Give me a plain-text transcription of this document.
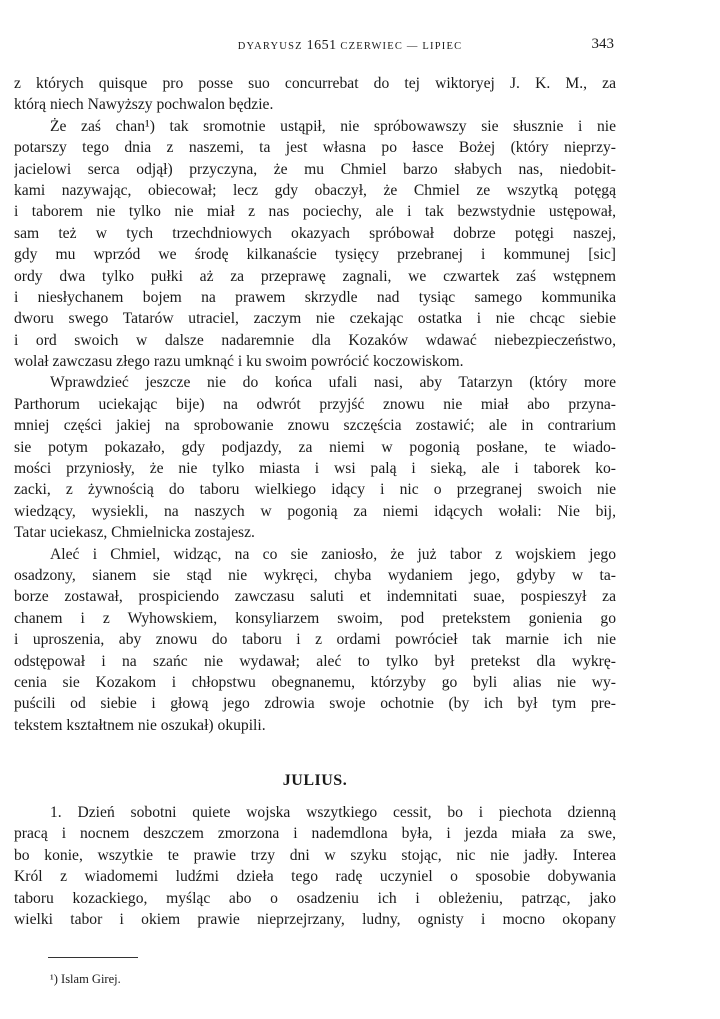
DYARYUSZ 1651 CZERWIEC — LIPIEC	343
z których quisque pro posse suo concurrebat do tej wiktoryej J. K. M., za
którą niech Nawyższy pochwalon będzie.
Że zaś chan¹) tak sromotnie ustąpił, nie spróbowawszy sie słusznie i nie
potarszy tego dnia z naszemi, ta jest własna po łasce Bożej (który nieprzy-
jacielowi serca odjął) przyczyna, że mu Chmiel barzo słabych nas, niedobit-
kami nazywając, obiecował; lecz gdy obaczył, że Chmiel ze wszytką potęgą
i taborem nie tylko nie miał z nas pociechy, ale i tak bezwstydnie ustępował,
sam też w tych trzechdniowych okazyach spróbował dobrze potęgi naszej,
gdy mu wprzód we środę kilkanaście tysięcy przebranej i kommunej [sic]
ordy dwa tylko pułki aż za przeprawę zagnali, we czwartek zaś wstępnem
i niesłychanem bojem na prawem skrzydle nad tysiąc samego kommunika
dworu swego Tatarów utraciel, zaczym nie czekając ostatka i nie chcąc siebie
i ord swoich w dalsze nadaremnie dla Kozaków wdawać niebezpieczeństwo,
wolał zawczasu złego razu umknąć i ku swoim powrócić koczowiskom.
Wprawdzieć jeszcze nie do końca ufali nasi, aby Tatarzyn (który more
Parthorum uciekając bije) na odwrót przyjść znowu nie miał abo przyna-
mniej części jakiej na sprobowanie znowu szczęścia zostawić; ale in contrarium
sie potym pokazało, gdy podjazdy, za niemi w pogonią posłane, te wiado-
mości przyniosły, że nie tylko miasta i wsi palą i sieką, ale i taborek ko-
zacki, z żywnością do taboru wielkiego idący i nic o przegranej swoich nie
wiedzący, wysiekli, na naszych w pogonią za niemi idących wołali: Nie bij,
Tatar uciekasz, Chmielnicka zostajesz.
Aleć i Chmiel, widząc, na co sie zaniosło, że już tabor z wojskiem jego
osadzony, sianem sie stąd nie wykręci, chyba wydaniem jego, gdyby w ta-
borze zostawał, prospiciendo zawczasu saluti et indemnitati suae, pospieszył za
chanem i z Wyhowskiem, konsyliarzem swoim, pod pretekstem gonienia go
i uproszenia, aby znowu do taboru i z ordami powrócieł tak marnie ich nie
odstępował i na szańc nie wydawał; aleć to tylko był pretekst dla wykrę-
cenia sie Kozakom i chłopstwu obegnanemu, którzyby go byli alias nie wy-
puścili od siebie i głową jego zdrowia swoje ochotnie (by ich był tym pre-
tekstem kształtnem nie oszukał) okupili.
JULIUS.
1. Dzień sobotni quiete wojska wszytkiego cessit, bo i piechota dzienną
pracą i nocnem deszczem zmorzona i nademdlona była, i jezda miała za swe,
bo konie, wszytkie te prawie trzy dni w szyku stojąc, nic nie jadły. Interea
Król z wiadomemi ludźmi dzieła tego radę uczyniel o sposobie dobywania
taboru kozackiego, myśląc abo o osadzeniu ich i obleżeniu, patrząc, jako
wielki tabor i okiem prawie nieprzejrzany, ludny, ognisty i mocno okopany
¹) Islam Girej.
